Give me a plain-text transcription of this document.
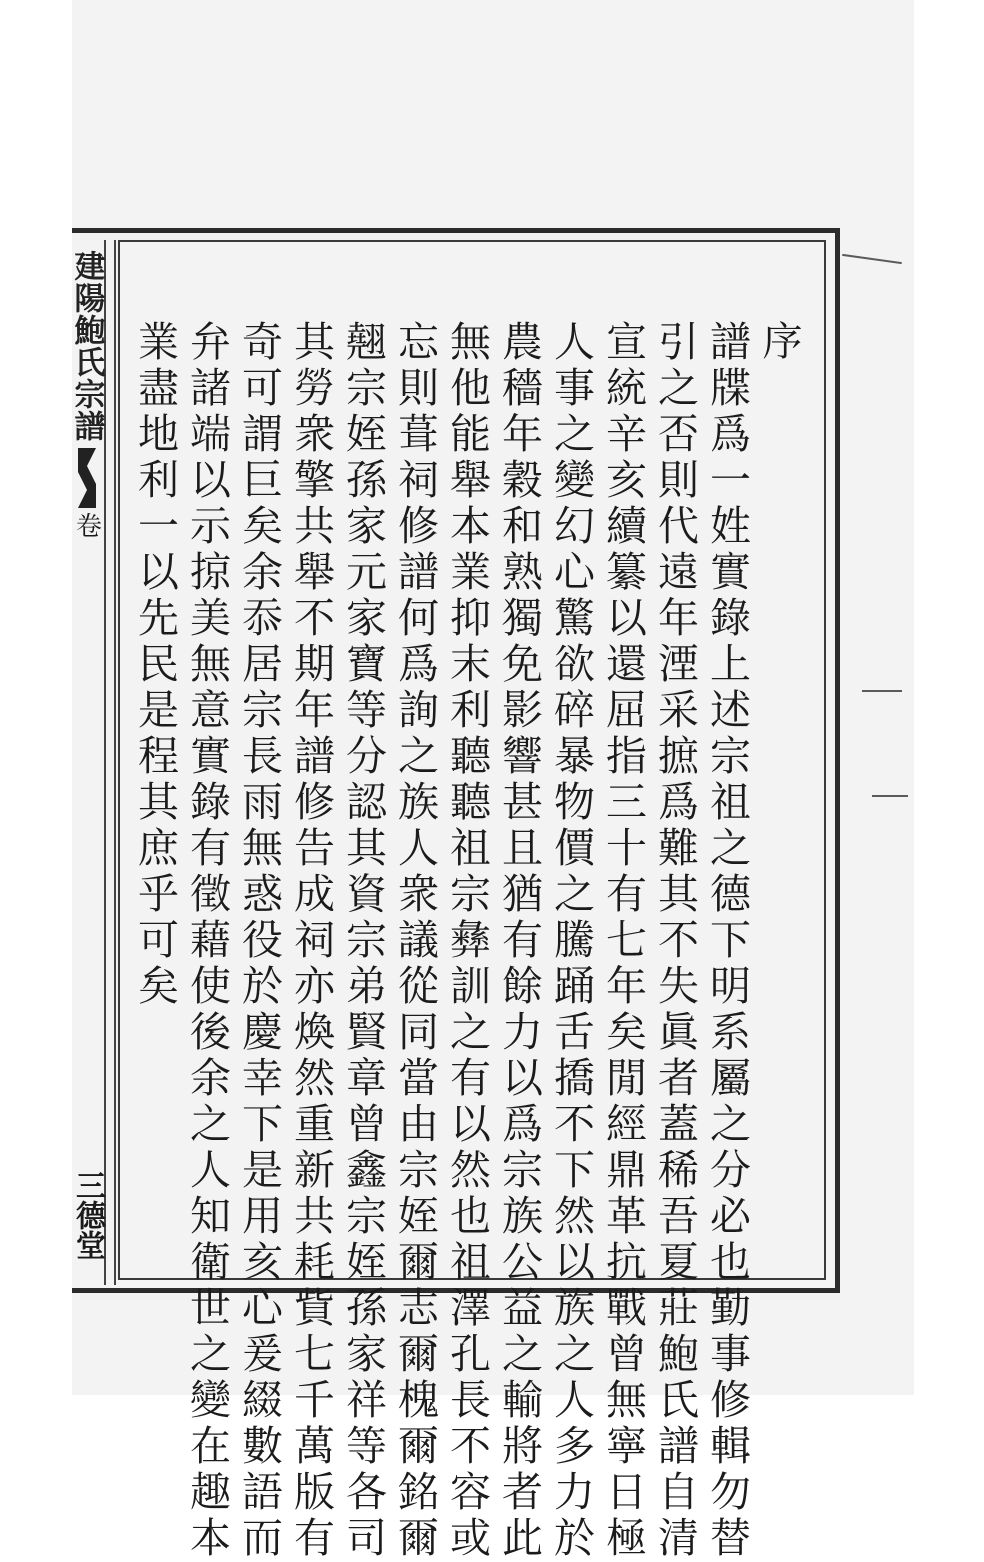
建陽鮑氏宗譜
卷
三德堂
序
譜牒爲一姓實錄上述宗祖之德下明系屬之分必也勤事修輯勿替
引之否則代遠年湮采摭爲難其不失眞者蓋稀吾夏莊鮑氏譜自清
宣統辛亥續纂以還屈指三十有七年矣閒經鼎革抗戰曾無寧日極
人事之變幻心驚欲碎暴物價之騰踊舌撟不下然以族之人多力於
農穡年穀和熟獨免影響甚且猶有餘力以爲宗族公益之輸將者此
無他能舉本業抑末利聽聽祖宗彝訓之有以然也祖澤孔長不容或
忘則葺祠修譜何爲詢之族人衆議從同當由宗姪爾志爾槐爾銘爾
翹宗姪孫家元家寶等分認其資宗弟賢章曾鑫宗姪孫家祥等各司
其勞衆擎共舉不期年譜修告成祠亦煥然重新共耗貲七千萬版有
奇可謂巨矣余忝居宗長雨無惑役於慶幸下是用亥心爰綴數語而
弁諸端以示掠美無意實錄有徵藉使後余之人知衛世之變在趣本
業盡地利一以先民是程其庶乎可矣
